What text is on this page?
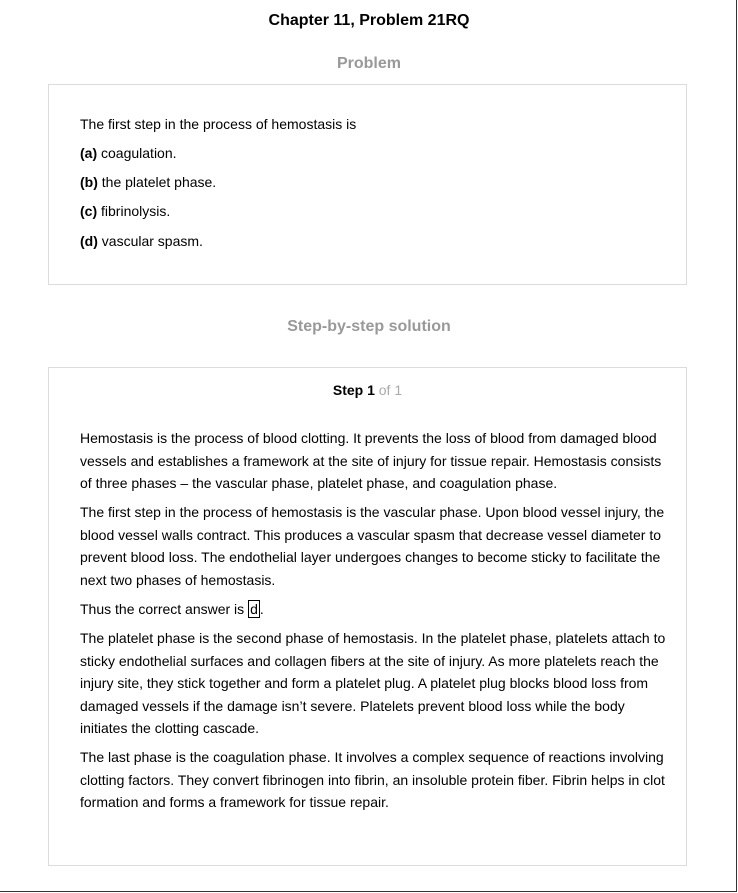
Chapter 11, Problem 21RQ
Problem
The first step in the process of hemostasis is
(a) coagulation.
(b) the platelet phase.
(c) fibrinolysis.
(d) vascular spasm.
Step-by-step solution
Step 1 of 1
Hemostasis is the process of blood clotting. It prevents the loss of blood from damaged blood vessels and establishes a framework at the site of injury for tissue repair. Hemostasis consists of three phases – the vascular phase, platelet phase, and coagulation phase.
The first step in the process of hemostasis is the vascular phase. Upon blood vessel injury, the blood vessel walls contract. This produces a vascular spasm that decrease vessel diameter to prevent blood loss. The endothelial layer undergoes changes to become sticky to facilitate the next two phases of hemostasis.
Thus the correct answer is d .
The platelet phase is the second phase of hemostasis. In the platelet phase, platelets attach to sticky endothelial surfaces and collagen fibers at the site of injury. As more platelets reach the injury site, they stick together and form a platelet plug. A platelet plug blocks blood loss from damaged vessels if the damage isn’t severe. Platelets prevent blood loss while the body initiates the clotting cascade.
The last phase is the coagulation phase. It involves a complex sequence of reactions involving clotting factors. They convert fibrinogen into fibrin, an insoluble protein fiber. Fibrin helps in clot formation and forms a framework for tissue repair.
